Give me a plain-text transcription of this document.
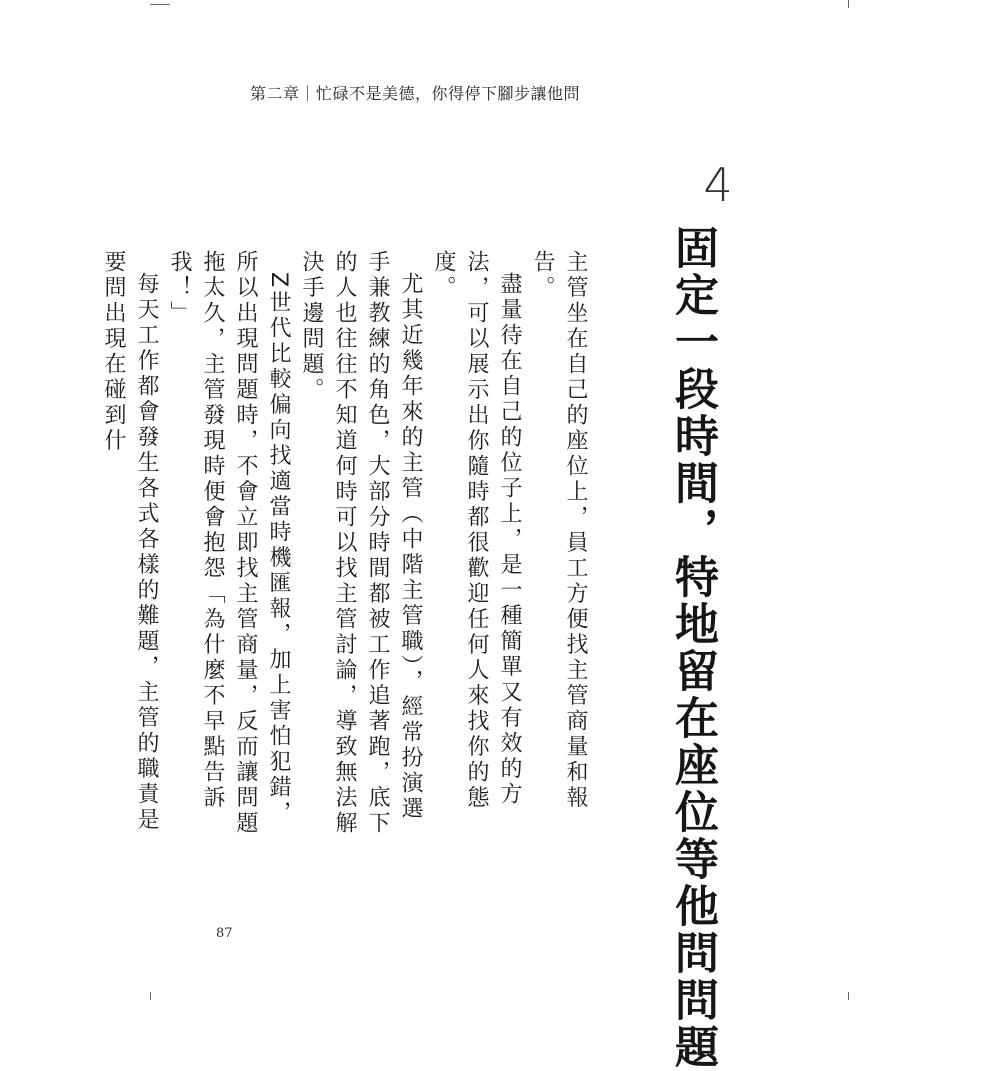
第二章｜忙碌不是美德，你得停下腳步讓他問
4
固定一段時間，特地留在座位等他問問題

主管坐在自己的座位上，員工方便找主管商量和報告。

盡量待在自己的位子上，是一種簡單又有效的方法，可以展示出你隨時都很歡迎任何人來找你的態度。

尤其近幾年來的主管（中階主管職），經常扮演選手兼教練的角色，大部分時間都被工作追著跑，底下的人也往往不知道何時可以找主管討論，導致無法解決手邊問題。

Z世代比較偏向找適當時機匯報，加上害怕犯錯，所以出現問題時，不會立即找主管商量，反而讓問題拖太久，主管發現時便會抱怨「為什麼不早點告訴我！」

每天工作都會發生各式各樣的難題，主管的職責是要問出現在碰到什

87
